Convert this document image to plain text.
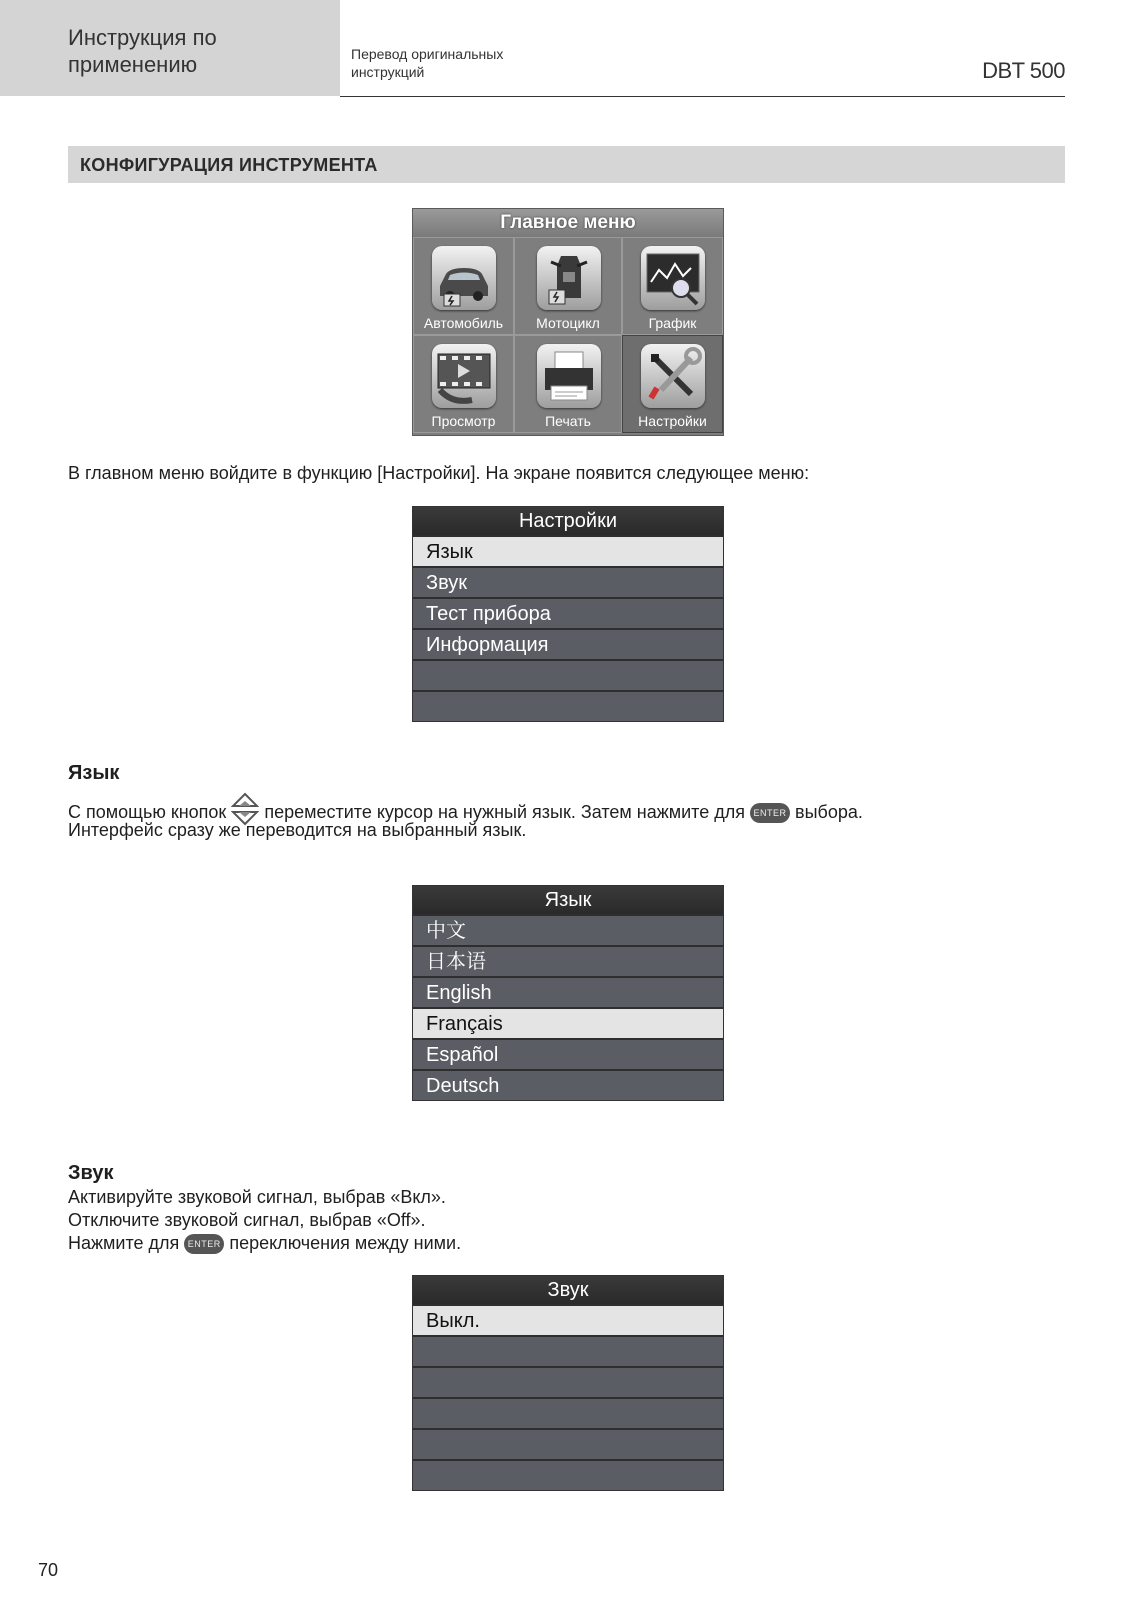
Инструкция по
применению	Перевод оригинальных
инструкций	DBT 500
КОНФИГУРАЦИЯ ИНСТРУМЕНТА
Главное меню
Автомобиль	Мотоцикл	График
Просмотр	Печать	Настройки
В главном меню войдите в функцию [Настройки]. На экране появится следующее меню:
Настройки
Язык
Звук
Тест прибора
Информация
Язык
С помощью кнопок переместите курсор на нужный язык. Затем нажмите для ENTER выбора.
Интерфейс сразу же переводится на выбранный язык.
Язык
中文
日本语
English
Français
Español
Deutsch
Звук
Активируйте звуковой сигнал, выбрав «Вкл».
Отключите звуковой сигнал, выбрав «Off».
Нажмите для ENTER переключения между ними.
Звук
Выкл.
70
